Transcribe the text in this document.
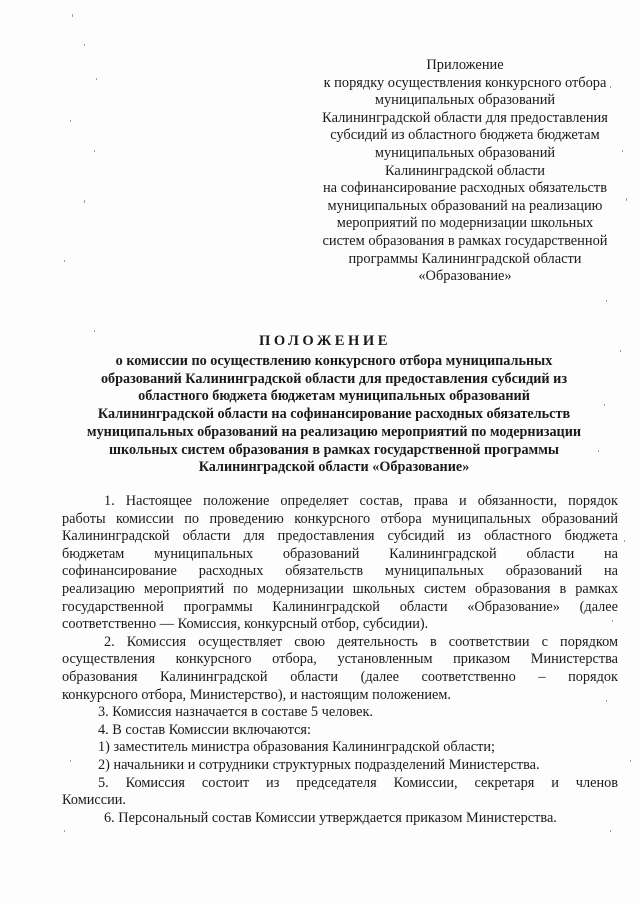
Приложение
к порядку осуществления конкурсного отбора
муниципальных образований
Калининградской области для предоставления
субсидий из областного бюджета бюджетам
муниципальных образований
Калининградской области
на софинансирование расходных обязательств
муниципальных образований на реализацию
мероприятий по модернизации школьных
систем образования в рамках государственной
программы Калининградской области
«Образование»
ПОЛОЖЕНИЕ
о комиссии по осуществлению конкурсного отбора муниципальных
образований Калининградской области для предоставления субсидий из
областного бюджета бюджетам муниципальных образований
Калининградской области на софинансирование расходных обязательств
муниципальных образований на реализацию мероприятий по модернизации
школьных систем образования в рамках государственной программы
Калининградской области «Образование»
1. Настоящее положение определяет состав, права и обязанности, порядок
работы комиссии по проведению конкурсного отбора муниципальных образований
Калининградской области для предоставления субсидий из областного бюджета
бюджетам муниципальных образований Калининградской области на
софинансирование расходных обязательств муниципальных образований на
реализацию мероприятий по модернизации школьных систем образования в рамках
государственной программы Калининградской области «Образование» (далее
соответственно — Комиссия, конкурсный отбор, субсидии).
2. Комиссия осуществляет свою деятельность в соответствии с порядком
осуществления конкурсного отбора, установленным приказом Министерства
образования Калининградской области (далее соответственно – порядок
конкурсного отбора, Министерство), и настоящим положением.
3. Комиссия назначается в составе 5 человек.
4. В состав Комиссии включаются:
1) заместитель министра образования Калининградской области;
2) начальники и сотрудники структурных подразделений Министерства.
5. Комиссия состоит из председателя Комиссии, секретаря и членов
Комиссии.
6. Персональный состав Комиссии утверждается приказом Министерства.
